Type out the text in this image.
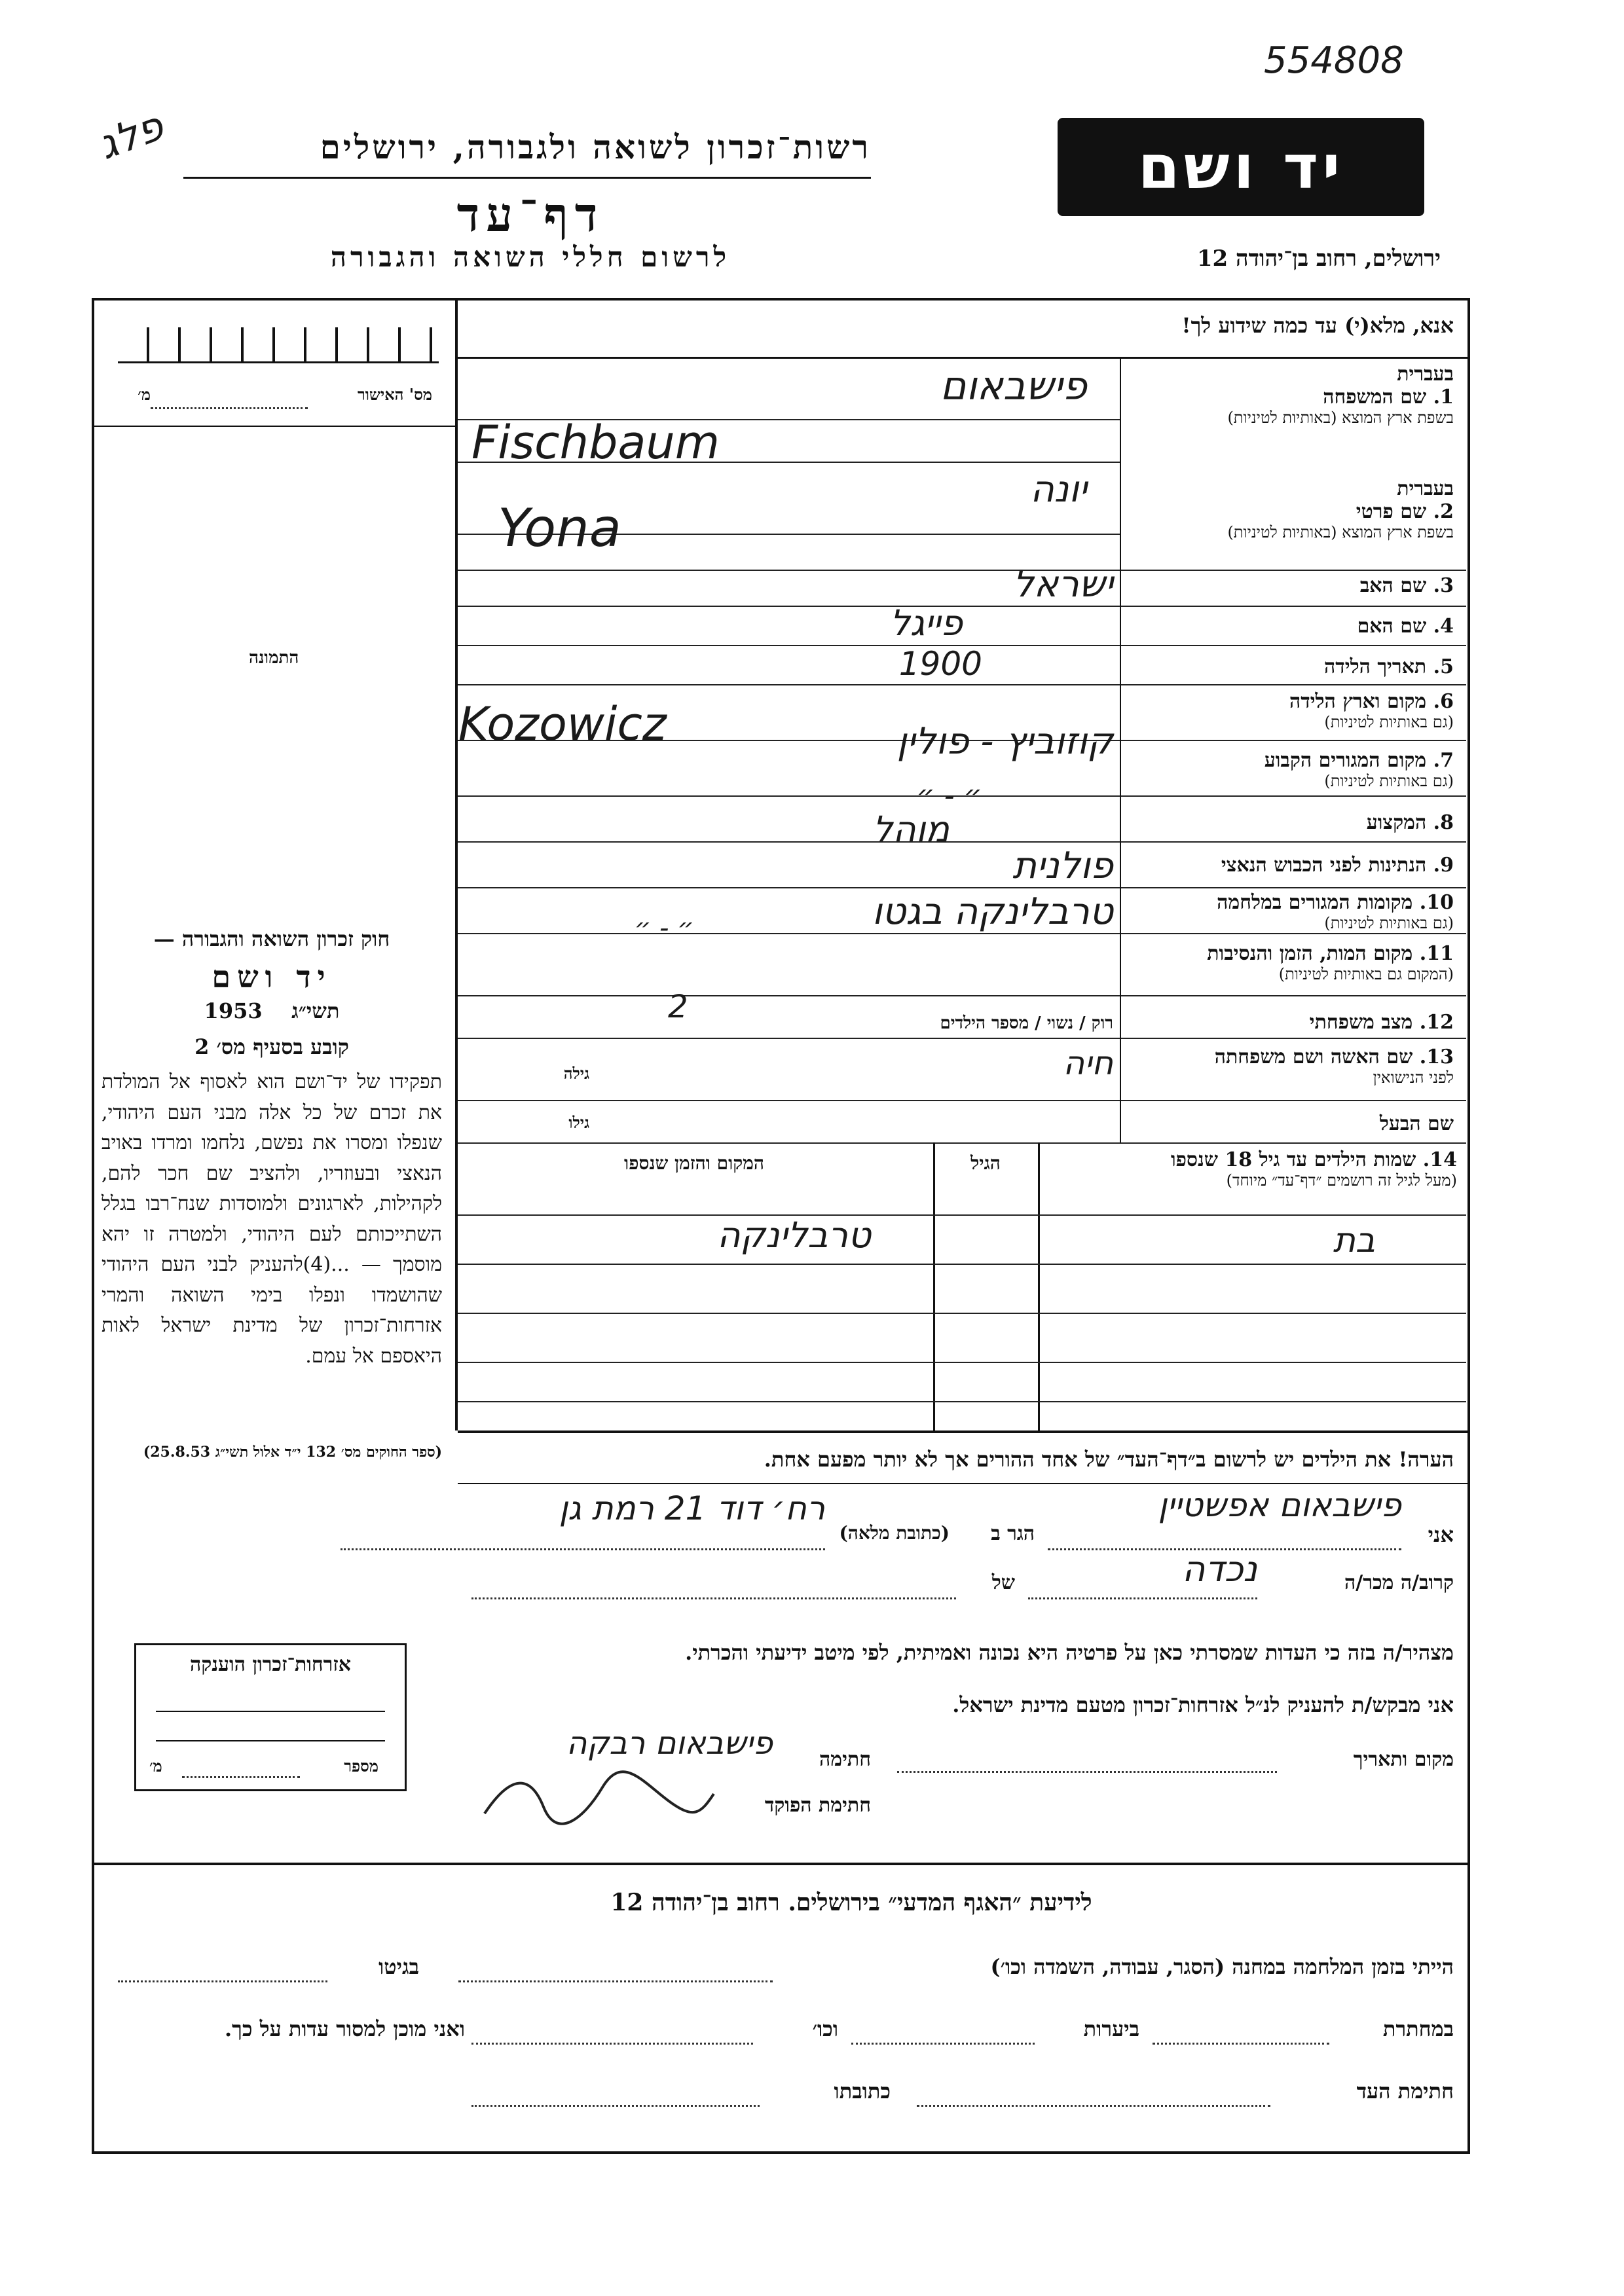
554808
פלג	רשות־זכרון לשואה ולגבורה, ירושלים
דף־עד
לרשום חללי השואה והגבורה
יד ושם
ירושלים, רחוב בן־יהודה 12
אנא, מלא(י) עד כמה שידוע לך!
מס' האישור
מ׳
התמונה
חוק זכרון השואה והגבורה —
יד ושם
תשי״ג    1953
קובע בסעיף מס׳ 2
תפקידו של יד־ושם הוא לאסוף אל המולדת את זכרם של כל אלה מבני העם היהודי, שנפלו ומסרו את נפשם, נלחמו ומרדו באויב הנאצי ובעוזריו, ולהציב שם חכר להם, לקהילות, לארגונים ולמוסדות שנח־רבו בגלל השתייכותם לעם היהודי, ולמטרה זו יהא מוסמך — ...(4)להעניק לבני העם היהודי שהושמדו ונפלו בימי השואה והמרי אזרחות־זכרון של מדינת ישראל לאות היאספם אל עמם.
(ספר החוקים מס׳ 132 י״ד אלול תשי״ג 25.8.53)
אזרחות־זכרון הוענקה
מספר
מ׳
1. שם המשפחה
בשפת ארץ המוצא (באותיות לטיניות)
בעברית
פישבאום
Fischbaum
בעברית
2. שם פרטי
בשפת ארץ המוצא (באותיות לטיניות)
יונה
Yona
3. שם האב
ישראל
4. שם האם
פייגל
5. תאריך הלידה
1900
6. מקום וארץ הלידה
(גם באותיות לטיניות)
קוזוביץ - פולין
Kozowicz
7. מקום המגורים הקבוע
(גם באותיות לטיניות)
״ - ״
8. המקצוע
מוהל
9. הנתינות לפני הכבוש הנאצי
פולנית
10. מקומות המגורים במלחמה
(גם באותיות לטיניות)
״ - ״
11. מקום המות, הזמן והנסיבות
(המקום גם באותיות לטיניות)
טרבלינקה בגטו
12. מצב משפחתי
רוק / נשוי / מספר הילדים
2
13. שם האשה ושם משפחתה
לפני הנישואין
חיה
גילה
שם הבעל
גילו
14. שמות הילדים עד גיל 18 שנספו
(מעל לגיל זה רושמים ״דף־עד״ מיוחד)
הגיל
המקום והזמן שנספו
בת
טרבלינקה
הערה! את הילדים יש לרשום ב״דף־העד״ של אחד ההורים אך לא יותר מפעם אחת.
אני
פישבאום אפשטיין
הגר ב
(כתובת מלאה)
רח׳ דוד 21 רמת גן
קרוב/ה מכר/ה
נכדה
של
מצהיר/ה בזה כי העדות שמסרתי כאן על פרטיה היא נכונה ואמיתית, לפי מיטב ידיעתי והכרתי.
אני מבקש/ת להעניק לנ״ל אזרחות־זכרון מטעם מדינת ישראל.
מקום ותאריך
חתימה
פישבאום רבקה
חתימת הפוקד
לידיעת ״האגף המדעי״ בירושלים. רחוב בן־יהודה 12
הייתי בזמן המלחמה במחנה (הסגר, עבודה, השמדה וכו׳)
בגיטו
במחתרת
ביערות
וכו׳
ואני מוכן למסור עדות על כך.
חתימת העד
כתובתו
